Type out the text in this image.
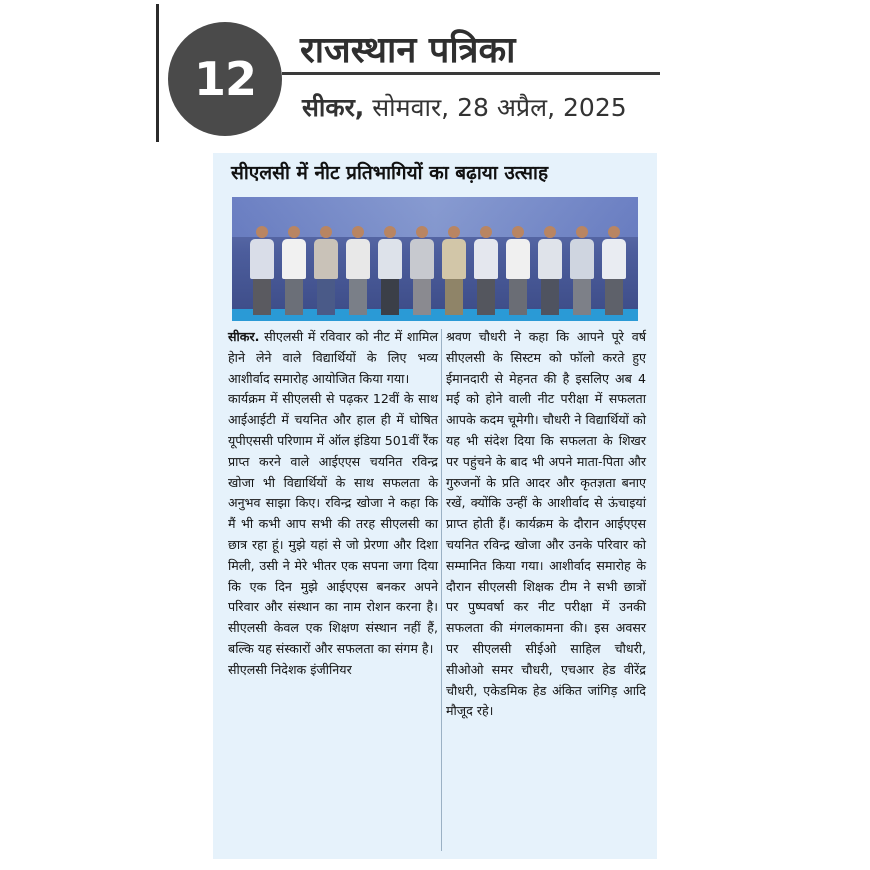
12
राजस्थान पत्रिका
सीकर, सोमवार, 28 अप्रैल, 2025
सीएलसी में नीट प्रतिभागियों का बढ़ाया उत्साह

सीकर. सीएलसी में रविवार को नीट में शामिल हेाने लेने वाले विद्यार्थियों के लिए भव्य आशीर्वाद समारोह आयोजित किया गया।

कार्यक्रम में सीएलसी से पढ़कर 12वीं के साथ आईआईटी में चयनित और हाल ही में घोषित यूपीएससी परिणाम में ऑल इंडिया 501वीं रैंक प्राप्त करने वाले आईएएस चयनित रविन्द्र खोजा भी विद्यार्थियों के साथ सफलता के अनुभव साझा किए। रविन्द्र खोजा ने कहा कि मैं भी कभी आप सभी की तरह सीएलसी का छात्र रहा हूं। मुझे यहां से जो प्रेरणा और दिशा मिली, उसी ने मेरे भीतर एक सपना जगा दिया कि एक दिन मुझे आईएएस बनकर अपने परिवार और संस्थान का नाम रोशन करना है। सीएलसी केवल एक शिक्षण संस्थान नहीं हैं, बल्कि यह संस्कारों और सफलता का संगम है।

सीएलसी निदेशक इंजीनियर

श्रवण चौधरी ने कहा कि आपने पूरे वर्ष सीएलसी के सिस्टम को फॉलो करते हुए ईमानदारी से मेहनत की है इसलिए अब 4 मई को होने वाली नीट परीक्षा में सफलता आपके कदम चूमेगी। चौधरी ने विद्यार्थियों को यह भी संदेश दिया कि सफलता के शिखर पर पहुंचने के बाद भी अपने माता-पिता और गुरुजनों के प्रति आदर और कृतज्ञता बनाए रखें, क्योंकि उन्हीं के आशीर्वाद से ऊंचाइयां प्राप्त होती हैं। कार्यक्रम के दौरान आईएएस चयनित रविन्द्र खोजा और उनके परिवार को सम्मानित किया गया। आशीर्वाद समारोह के दौरान सीएलसी शिक्षक टीम ने सभी छात्रों पर पुष्पवर्षा कर नीट परीक्षा में उनकी सफलता की मंगलकामना की। इस अवसर पर सीएलसी सीईओ साहिल चौधरी, सीओओ समर चौधरी, एचआर हेड वीरेंद्र चौधरी, एकेडमिक हेड अंकित जांगिड़ आदि मौजूद रहे।
